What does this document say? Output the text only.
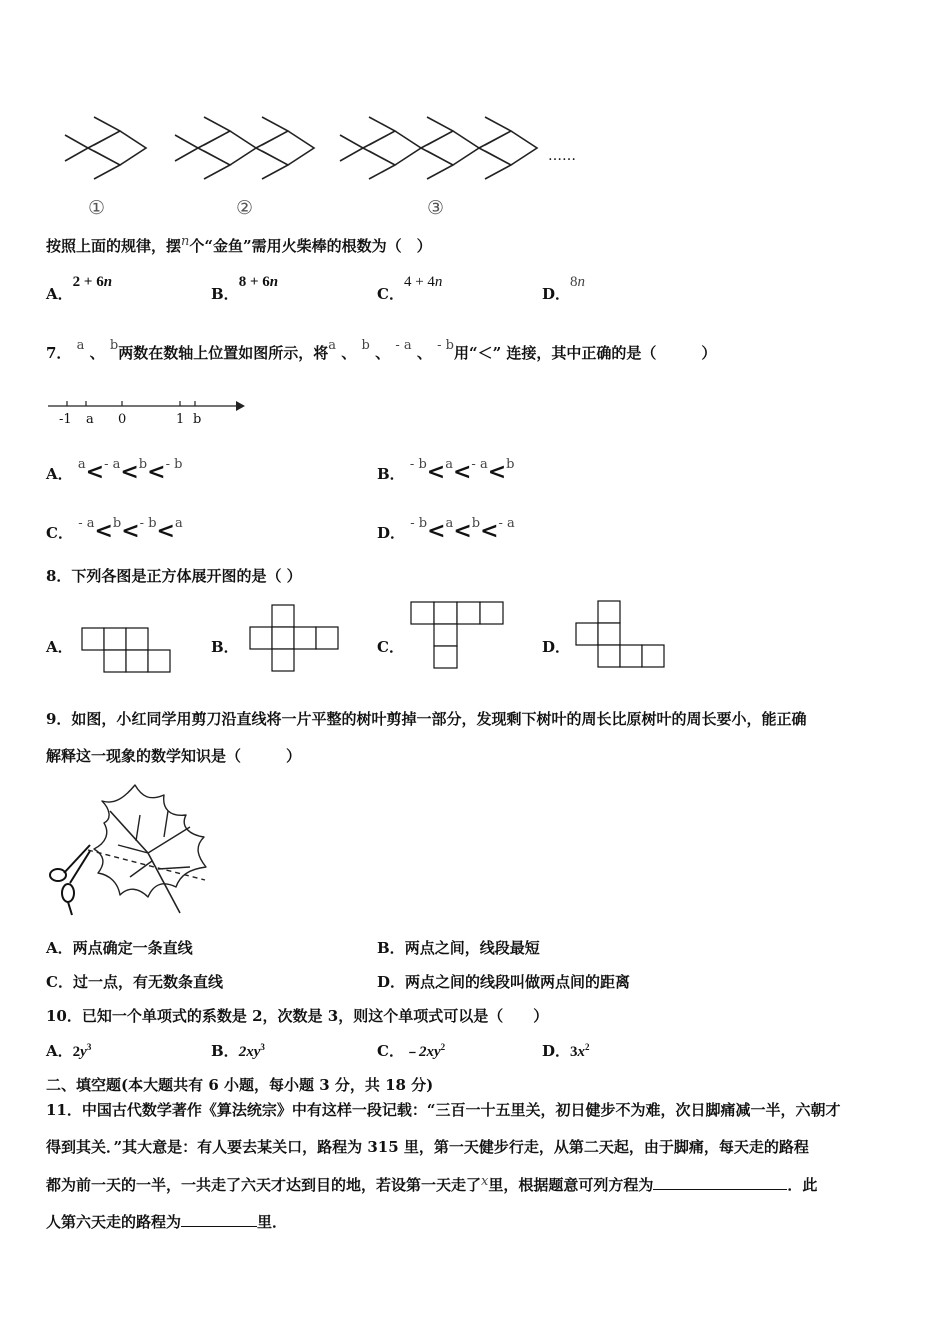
……
①	②	③
按照上面的规律，摆n个“金鱼”需用火柴棒的根数为（　）
A．2 + 6n
B．8 + 6n
C．4 + 4n
D．8n
7． a 、 b两数在数轴上位置如图所示，将a 、 b 、 - a 、 - b用“＜” 连接，其中正确的是（　　　）
-1 a 0	1 b
A． a<- a<b<- b
B． - b<a<- a<b
C． - a<b<- b<a
D． - b<a<b<- a
8．下列各图是正方体展开图的是（ ）
A．	B．	C．	D．
9．如图，小红同学用剪刀沿直线将一片平整的树叶剪掉一部分，发现剩下树叶的周长比原树叶的周长要小，能正确
解释这一现象的数学知识是（　　　）
A．两点确定一条直线	B．两点之间，线段最短
C．过一点，有无数条直线	D．两点之间的线段叫做两点间的距离
10．已知一个单项式的系数是 2，次数是 3，则这个单项式可以是（　　）
A．$2y^3$	B．$2xy^3$	C．$﹣2xy^2$	D．$3x^2$
二、填空题(本大题共有 6 小题，每小题 3 分，共 18 分)
11．中国古代数学著作《算法统宗》中有这样一段记载：“三百一十五里关，初日健步不为难，次日脚痛减一半，六朝才
得到其关．”其大意是：有人要去某关口，路程为 315 里，第一天健步行走，从第二天起，由于脚痛，每天走的路程
都为前一天的一半，一共走了六天才达到目的地，若设第一天走了x里，根据题意可列方程为	．此
人第六天走的路程为	里．
